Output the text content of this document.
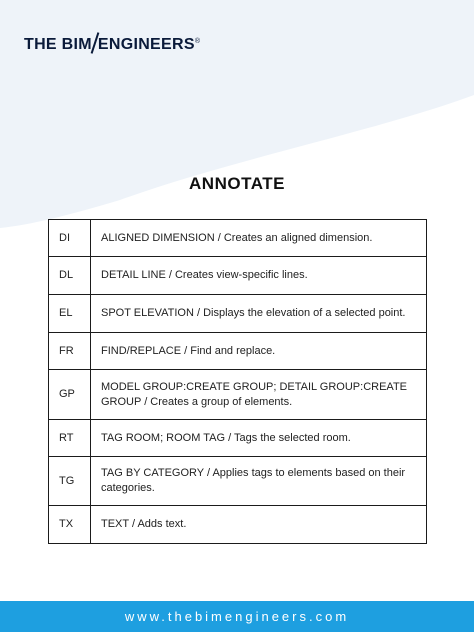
THE BIM ENGINEERS®
ANNOTATE
DI	ALIGNED DIMENSION / Creates an aligned dimension.
DL	DETAIL LINE / Creates view-specific lines.
EL	SPOT ELEVATION / Displays the elevation of a selected point.
FR	FIND/REPLACE / Find and replace.
GP	MODEL GROUP:CREATE GROUP; DETAIL GROUP:CREATE GROUP / Creates a group of elements.
RT	TAG ROOM; ROOM TAG / Tags the selected room.
TG	TAG BY CATEGORY / Applies tags to elements based on their categories.
TX	TEXT / Adds text.
www.thebimengineers.com
